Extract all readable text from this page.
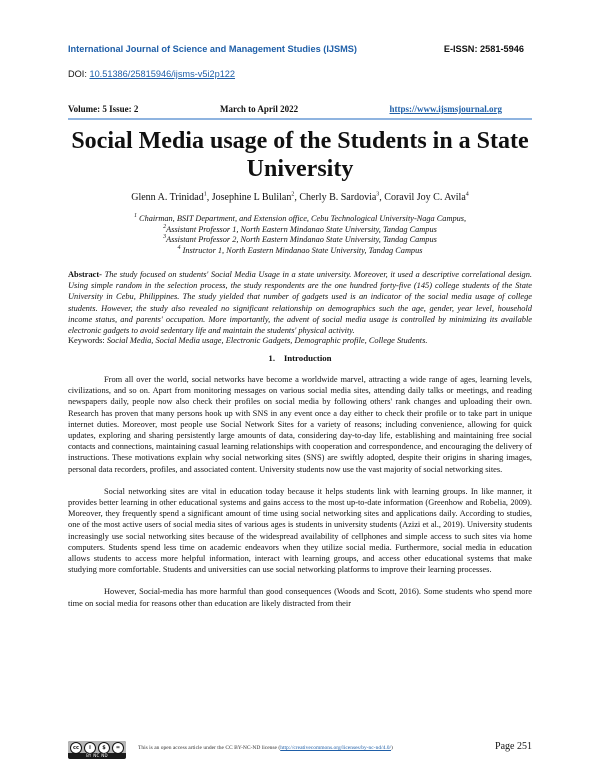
International Journal of Science and Management Studies (IJSMS)	E-ISSN: 2581-5946
DOI: 10.51386/25815946/ijsms-v5i2p122
Volume: 5 Issue: 2	March to April 2022	https://www.ijsmsjournal.org
Social Media usage of the Students in a State University
Glenn A. Trinidad$^1$, Josephine L Bulilan$^2$, Cherly B. Sardovia$^3$, Coravil Joy C. Avila$^4$
$^1$ Chairman, BSIT Department, and Extension office, Cebu Technological University-Naga Campus,
$^2$Assistant Professor 1, North Eastern Mindanao State University, Tandag Campus
$^3$Assistant Professor 2, North Eastern Mindanao State University, Tandag Campus
$^4$ Instructor 1, North Eastern Mindanao State University, Tandag Campus
Abstract- The study focused on students' Social Media Usage in a state university. Moreover, it used a descriptive correlational design. Using simple random in the selection process, the study respondents are the one hundred forty-five (145) college students of the State University in Cebu, Philippines. The study yielded that number of gadgets used is an indicator of the social media usage of college students. However, the study also revealed no significant relationship on demographics such the age, gender, year level, household income status, and parents' occupation. More importantly, the advent of social media usage is controlled by minimizing its available electronic gadgets to avoid sedentary life and maintain the students' physical activity.
Keywords: Social Media, Social Media usage, Electronic Gadgets, Demographic profile, College Students.
1.    Introduction

From all over the world, social networks have become a worldwide marvel, attracting a wide range of ages, learning levels, civilizations, and so on. Apart from monitoring messages on various social media sites, attending daily talks or meetings, and reading newspapers daily, people now also check their profiles on social media by following others' rank changes and uploading their own. Research has proven that many persons hook up with SNS in any event once a day either to check their profile or to take part in unique internet duties. Moreover, most people use Social Network Sites for a variety of reasons; including convenience, allowing for quick updates, exploring and sharing persistently large amounts of data, considering day-to-day life, establishing and maintaining free social contacts and connections, maintaining casual learning relationships with cooperation and correspondence, and encouraging the delivery of instructions. These motivations explain why social networking sites (SNS) are swiftly adopted, despite their origins in sharing images, personal data recorders, profiles, and associated content. University students now use the vast majority of social networking sites.

Social networking sites are vital in education today because it helps students link with learning groups. In like manner, it provides better learning in other educational systems and gains access to the most up-to-date information (Greenhow and Robelia, 2009). Moreover, they frequently spend a significant amount of time using social networking sites and applications daily. According to studies, one of the most active users of social media sites of various ages is students in university students (Azizi et al., 2019). University students increasingly use social networking sites because of the widespread availability of cellphones and simple access to such sites via home computers. Students spend less time on academic endeavors when they utilize social media. Furthermore, social media in education allows students to access more helpful information, interact with learning groups, and access other educational systems that make studying more comfortable. Students and universities can use social networking platforms to improve their learning processes.

However, Social-media has more harmful than good consequences (Woods and Scott, 2016). Some students who spend more time on social media for reasons other than education are likely distracted from their

cc	i	$	=
BY NC ND
This is an open access article under the CC BY-NC-ND license (http://creativecommons.org/licenses/by-nc-nd/4.0/)	Page 251
